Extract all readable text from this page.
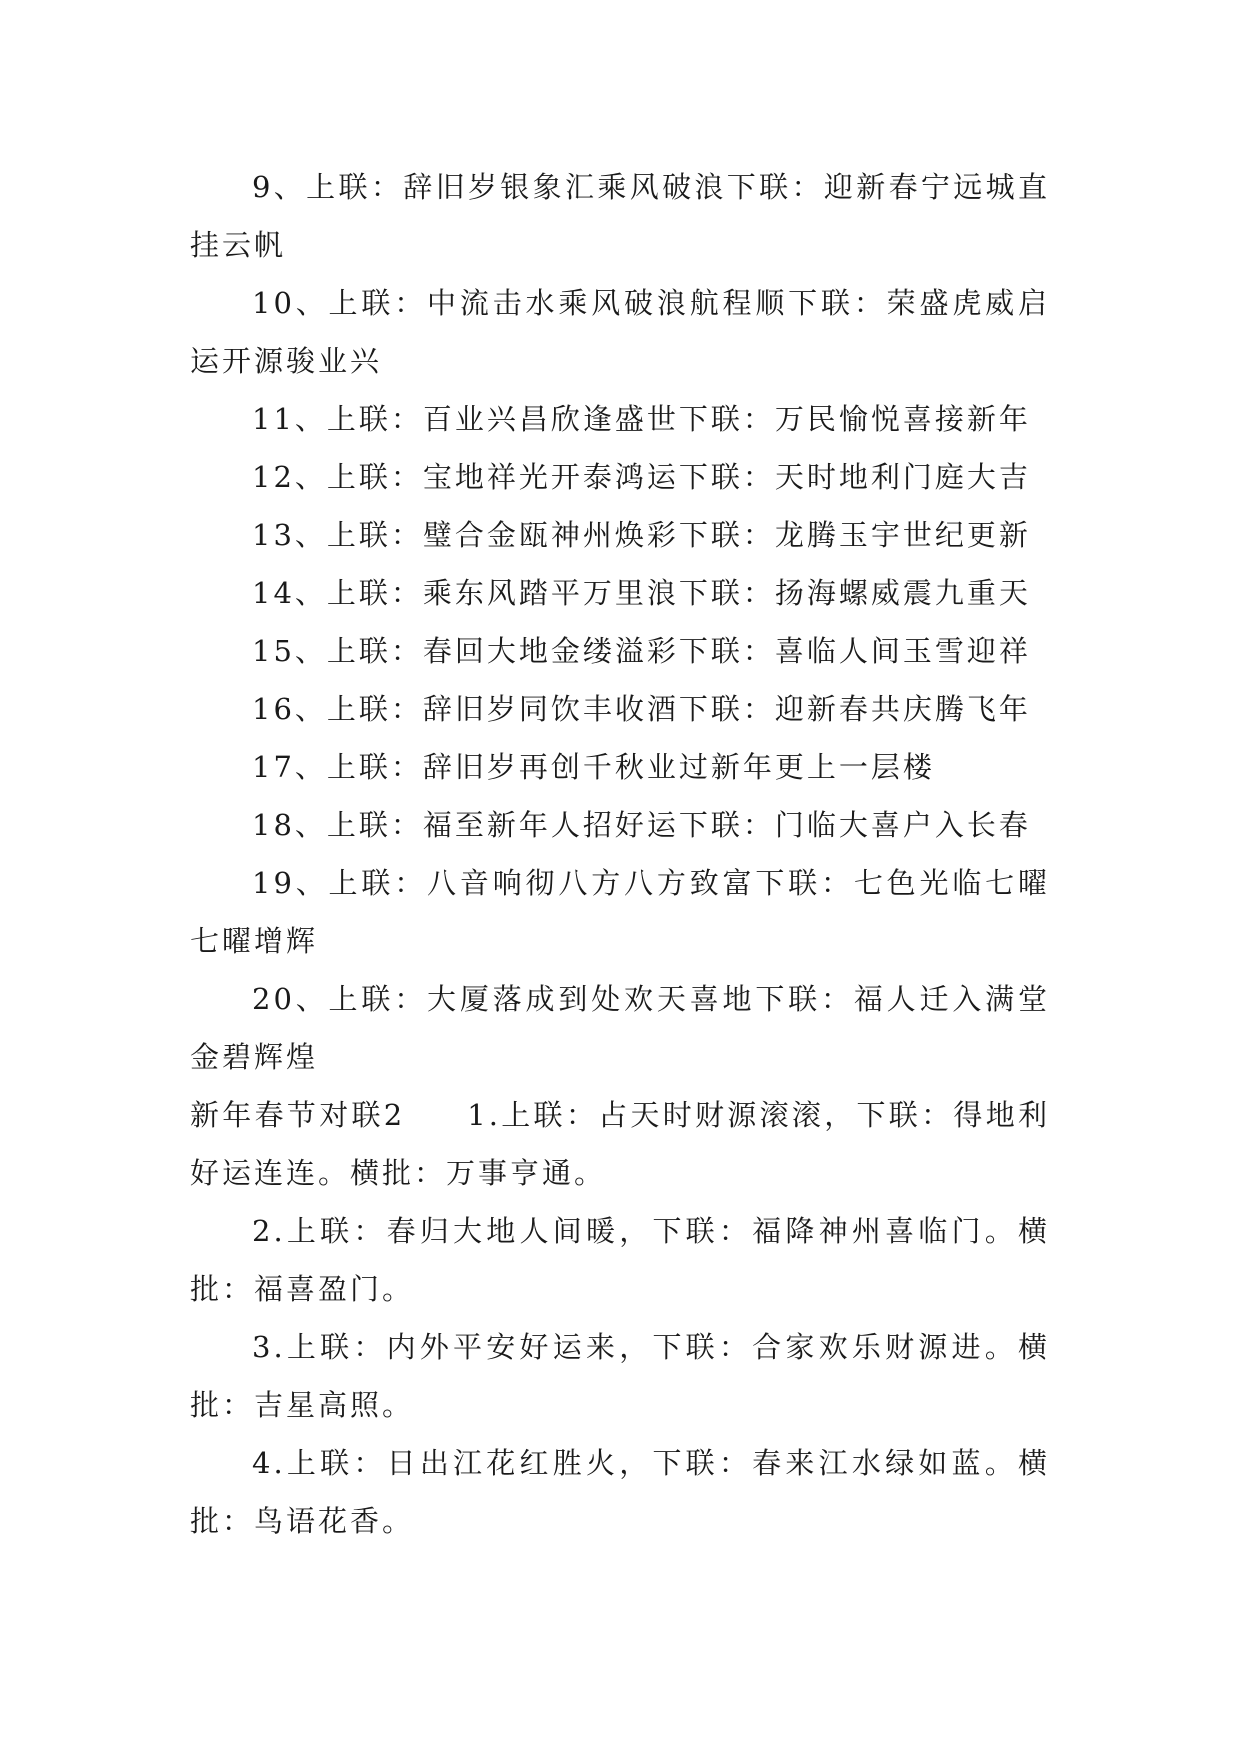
9、上联：辞旧岁银象汇乘风破浪下联：迎新春宁远城直挂云帆

10、上联：中流击水乘风破浪航程顺下联：荣盛虎威启运开源骏业兴

11、上联：百业兴昌欣逢盛世下联：万民愉悦喜接新年

12、上联：宝地祥光开泰鸿运下联：天时地利门庭大吉

13、上联：璧合金瓯神州焕彩下联：龙腾玉宇世纪更新

14、上联：乘东风踏平万里浪下联：扬海螺威震九重天

15、上联：春回大地金缕溢彩下联：喜临人间玉雪迎祥

16、上联：辞旧岁同饮丰收酒下联：迎新春共庆腾飞年

17、上联：辞旧岁再创千秋业过新年更上一层楼

18、上联：福至新年人招好运下联：门临大喜户入长春

19、上联：八音响彻八方八方致富下联：七色光临七曜七曜增辉

20、上联：大厦落成到处欢天喜地下联：福人迁入满堂金碧辉煌

新年春节对联2 1.上联：占天时财源滚滚，下联：得地利好运连连。横批：万事亨通。

2.上联：春归大地人间暖，下联：福降神州喜临门。横批：福喜盈门。

3.上联：内外平安好运来，下联：合家欢乐财源进。横批：吉星高照。

4.上联：日出江花红胜火，下联：春来江水绿如蓝。横批：鸟语花香。
